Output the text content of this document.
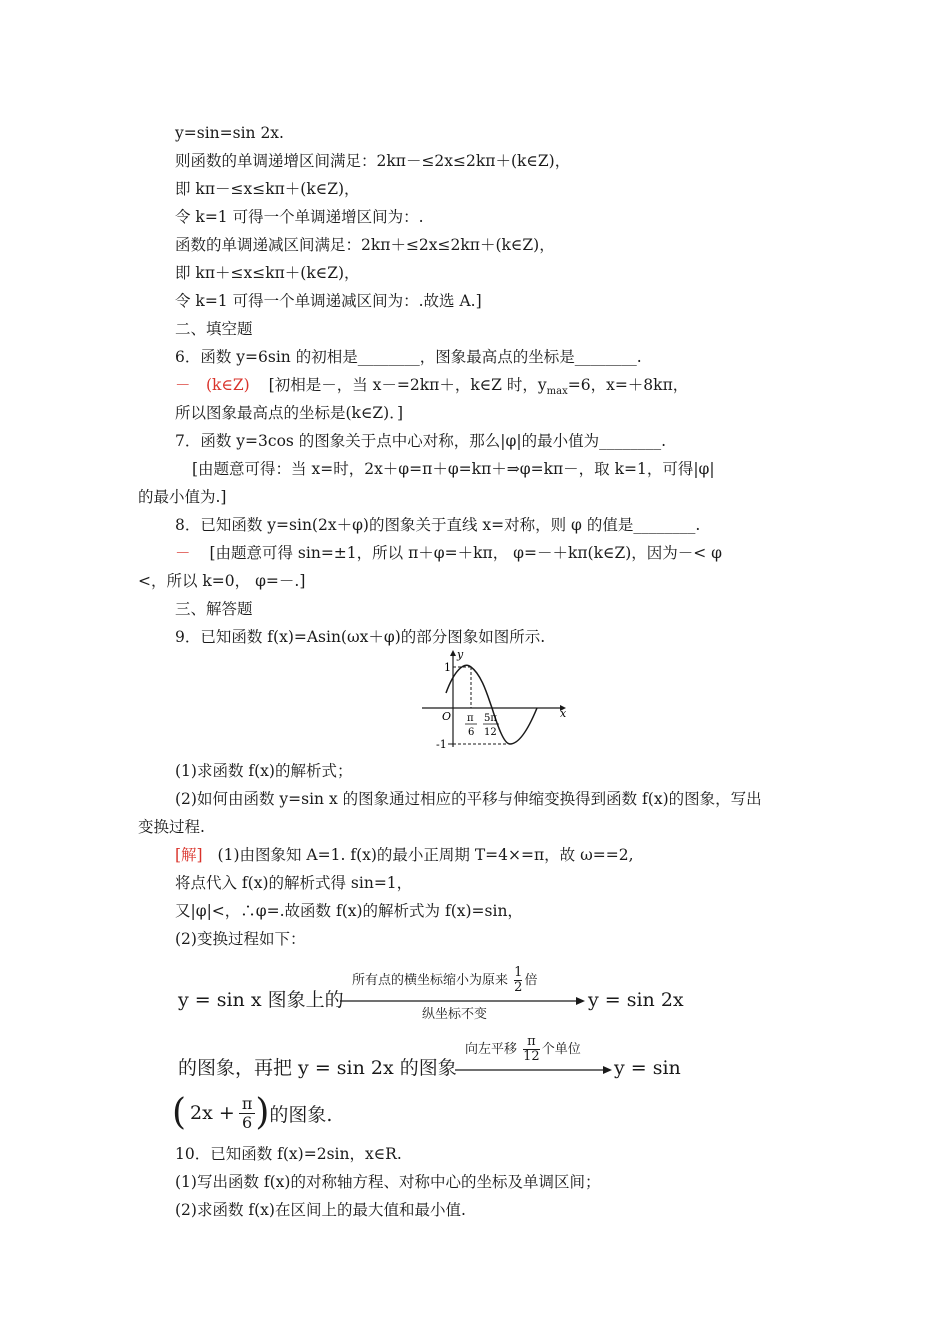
y=sin=sin 2x.
则函数的单调递增区间满足：2kπ－≤2x≤2kπ＋(k∈Z)，
即 kπ－≤x≤kπ＋(k∈Z)，
令 k=1 可得一个单调递增区间为：.
函数的单调递减区间满足：2kπ＋≤2x≤2kπ＋(k∈Z)，
即 kπ＋≤x≤kπ＋(k∈Z)，
令 k=1 可得一个单调递减区间为：.故选 A.]
二、填空题
6．函数 y=6sin 的初相是________，图象最高点的坐标是________.
－　(k∈Z) [初相是－，当 x－=2kπ＋，k∈Z 时，$y_{max}=6$，x=＋8kπ，
所以图象最高点的坐标是(k∈Z)．]
7．函数 y=3cos 的图象关于点中心对称，那么|φ|的最小值为________.
[由题意可得：当 x=时，2x＋φ=π＋φ=kπ＋⇒φ=kπ－，取 k=1，可得|φ|
的最小值为.]
8．已知函数 y=sin(2x＋φ)的图象关于直线 x=对称，则 φ 的值是________.
－ [由题意可得 sin=±1，所以 π＋φ=＋kπ， φ=－＋kπ(k∈Z)，因为－< φ
<，所以 k=0， φ=－.]
三、解答题
9．已知函数 f(x)=Asin(ωx＋φ)的部分图象如图所示.
y
x
O
1
-1
π
6
5π
12
(1)求函数 f(x)的解析式；
(2)如何由函数 y=sin x 的图象通过相应的平移与伸缩变换得到函数 f(x)的图象，写出
变换过程.
[解] (1)由图象知 A=1. f(x)的最小正周期 T=4×=π，故 ω==2,
将点代入 f(x)的解析式得 sin=1，
又|φ|<，∴φ=.故函数 f(x)的解析式为 f(x)=sin，
(2)变换过程如下：
y = sin x 图象上的
所有点的横坐标缩小为原来 $\frac{1}{2}$ 倍
纵坐标不变
y = sin 2x
的图象，再把 y = sin 2x 的图象
向左平移 $\frac{\pi}{12}$ 个单位
y = sin
( $2x + \frac{\pi}{6}$ ) 的图象.
10．已知函数 f(x)=2sin，x∈R.
(1)写出函数 f(x)的对称轴方程、对称中心的坐标及单调区间；
(2)求函数 f(x)在区间上的最大值和最小值.
